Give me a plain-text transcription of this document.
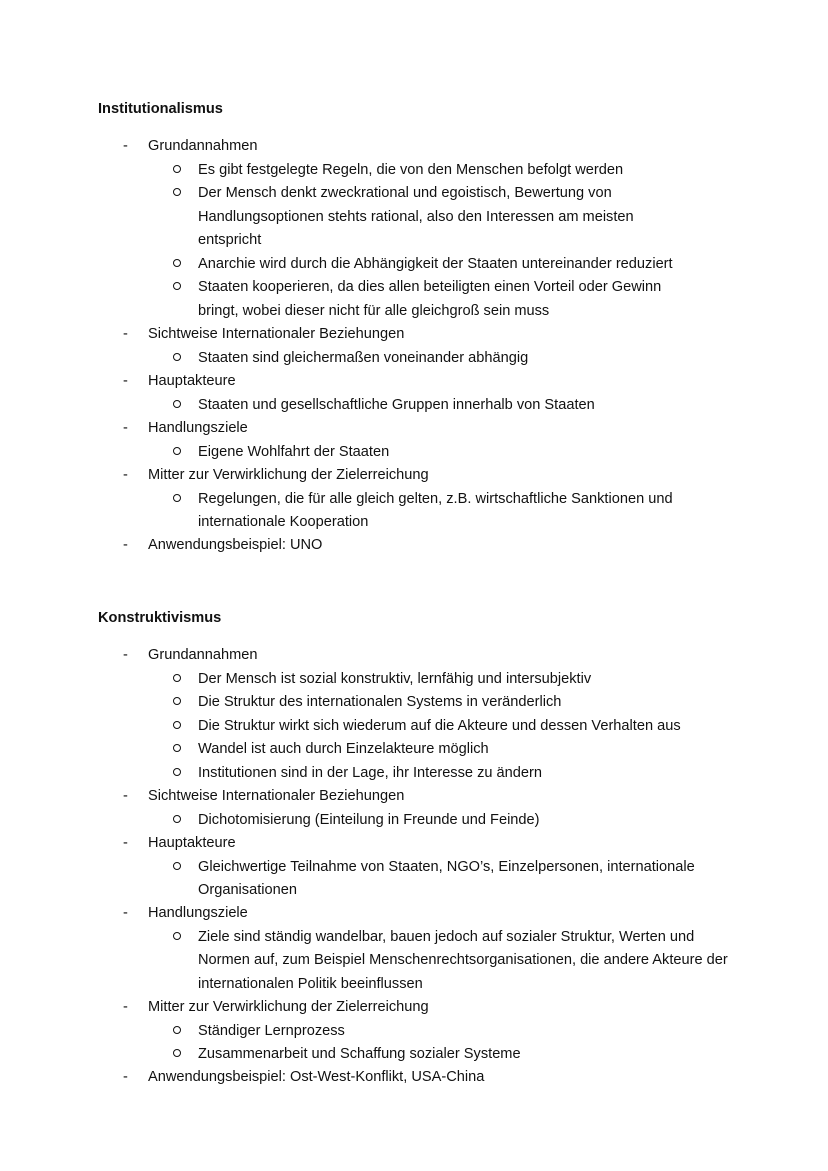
Institutionalismus
-	Grundannahmen
Es gibt festgelegte Regeln, die von den Menschen befolgt werden
Der Mensch denkt zweckrational und egoistisch, Bewertung von Handlungsoptionen stehts rational, also den Interessen am meisten entspricht
Anarchie wird durch die Abhängigkeit der Staaten untereinander reduziert
Staaten kooperieren, da dies allen beteiligten einen Vorteil oder Gewinn bringt, wobei dieser nicht für alle gleichgroß sein muss
-	Sichtweise Internationaler Beziehungen
Staaten sind gleichermaßen voneinander abhängig
-	Hauptakteure
Staaten und gesellschaftliche Gruppen innerhalb von Staaten
-	Handlungsziele
Eigene Wohlfahrt der Staaten
-	Mitter zur Verwirklichung der Zielerreichung
Regelungen, die für alle gleich gelten, z.B. wirtschaftliche Sanktionen und internationale Kooperation
-	Anwendungsbeispiel: UNO
Konstruktivismus
-	Grundannahmen
Der Mensch ist sozial konstruktiv, lernfähig und intersubjektiv
Die Struktur des internationalen Systems in veränderlich
Die Struktur wirkt sich wiederum auf die Akteure und dessen Verhalten aus
Wandel ist auch durch Einzelakteure möglich
Institutionen sind in der Lage, ihr Interesse zu ändern
-	Sichtweise Internationaler Beziehungen
Dichotomisierung (Einteilung in Freunde und Feinde)
-	Hauptakteure
Gleichwertige Teilnahme von Staaten, NGO’s, Einzelpersonen, internationale Organisationen
-	Handlungsziele
Ziele sind ständig wandelbar, bauen jedoch auf sozialer Struktur, Werten und Normen auf, zum Beispiel Menschenrechtsorganisationen, die andere Akteure der internationalen Politik beeinflussen
-	Mitter zur Verwirklichung der Zielerreichung
Ständiger Lernprozess
Zusammenarbeit und Schaffung sozialer Systeme
-	Anwendungsbeispiel: Ost-West-Konflikt, USA-China
